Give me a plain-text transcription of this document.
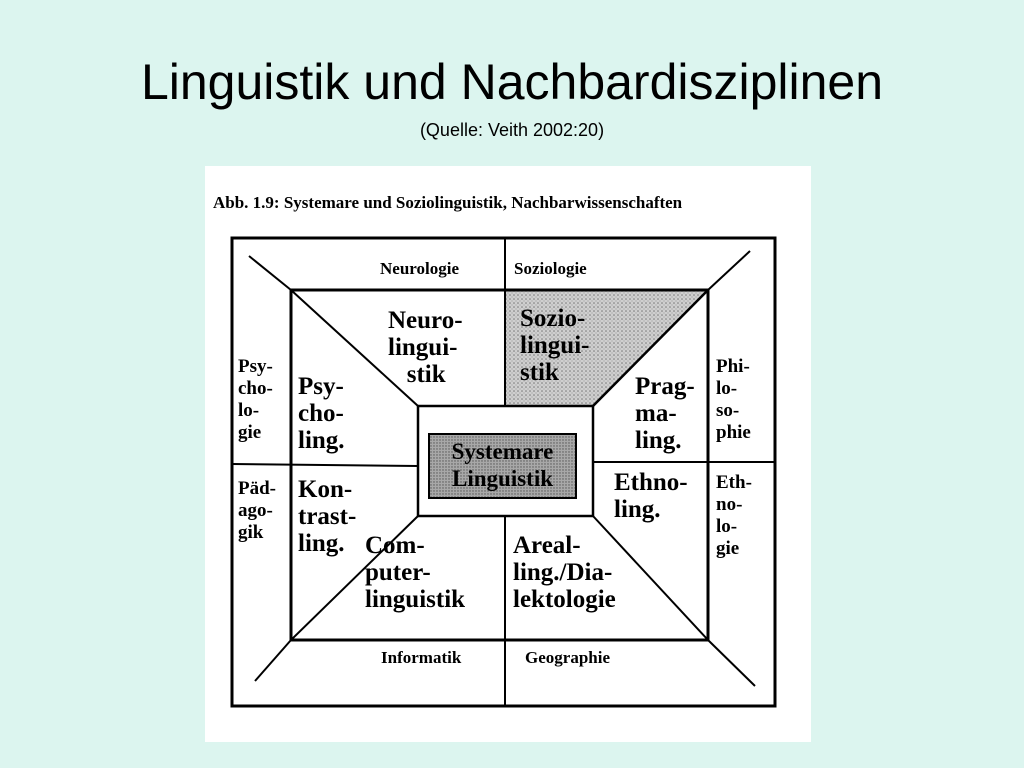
Linguistik und Nachbardisziplinen
(Quelle: Veith 2002:20)
Abb. 1.9: Systemare und Soziolinguistik, Nachbarwissenschaften
Neurologie	Soziologie
Informatik	Geographie
Psy-
cho-
lo-
gie
Päd-
ago-
gik
Phi-
lo-
so-
phie
Eth-
no-
lo-
gie
Neuro-
lingui-
stik
Sozio-
lingui-
stik
Psy-
cho-
ling.
Kon-
trast-
ling.
Prag-
ma-
ling.
Ethno-
ling.
Com-
puter-
linguistik
Areal-
ling./Dia-
lektologie
Systemare
Linguistik
